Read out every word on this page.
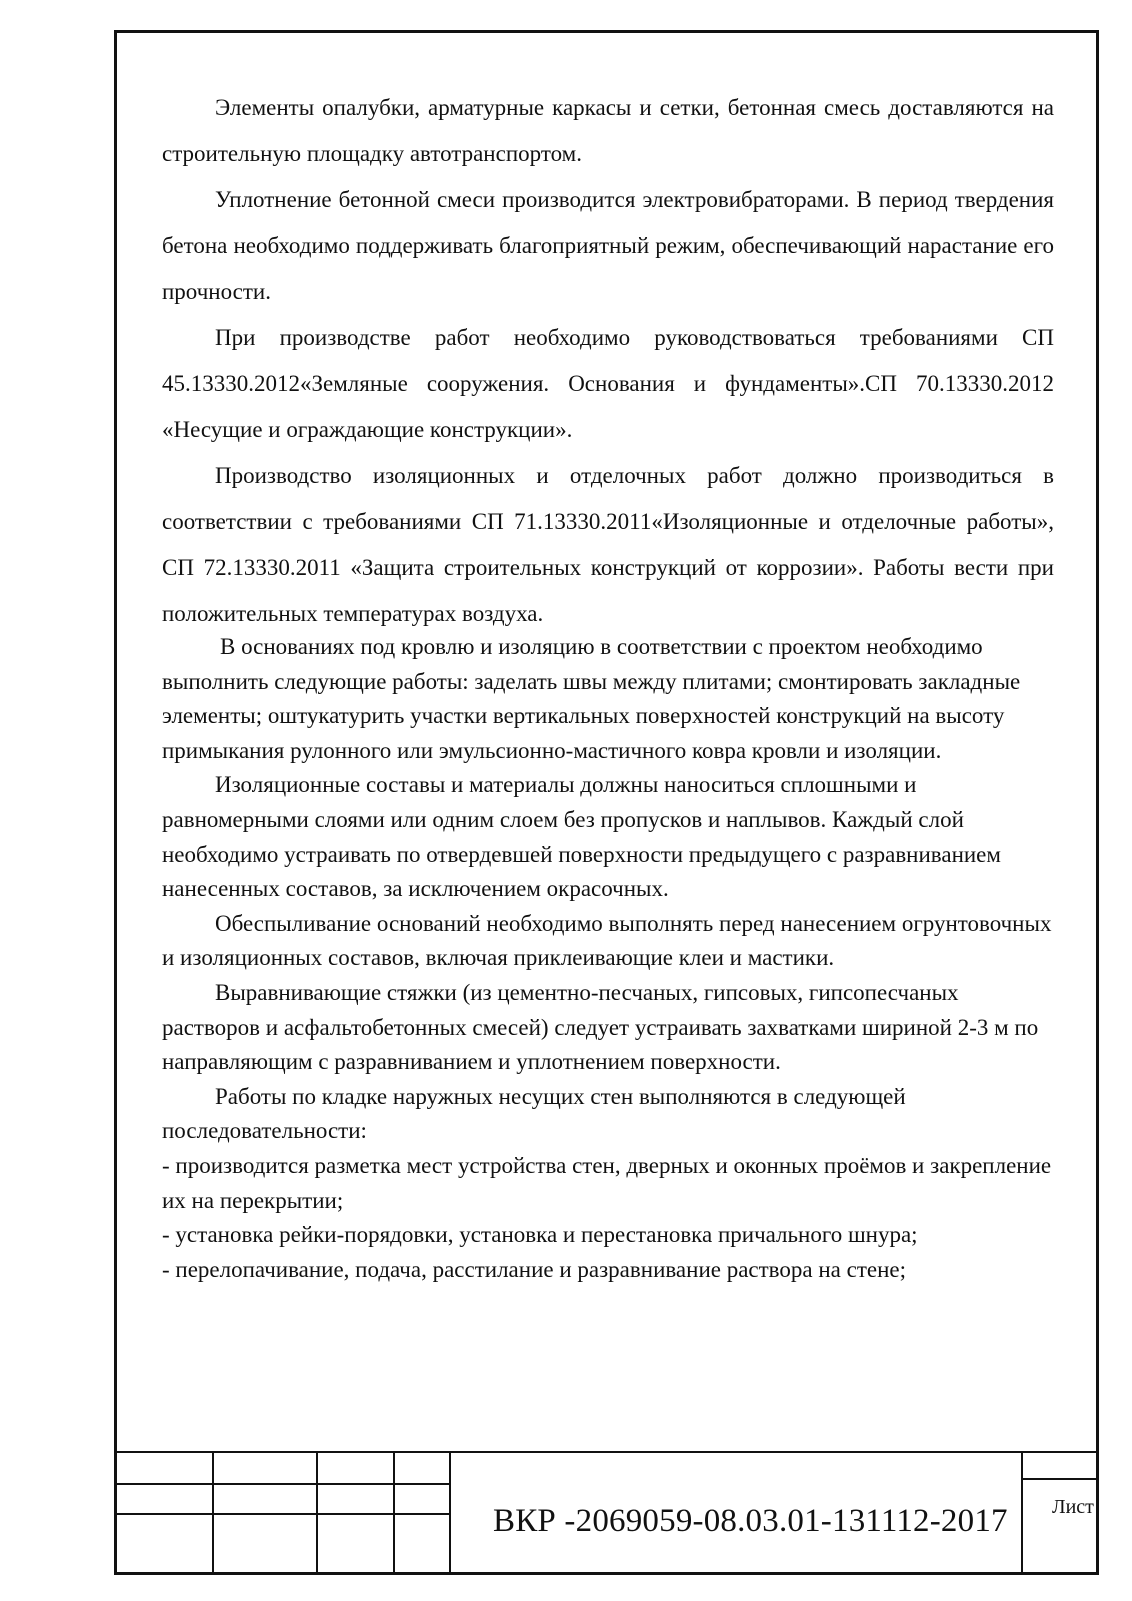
Элементы опалубки, арматурные каркасы и сетки, бетонная смесь доставляются на строительную площадку автотранспортом.

Уплотнение бетонной смеси производится электровибраторами. В период твердения бетона необходимо поддерживать благоприятный режим, обеспечивающий нарастание его прочности.

При производстве работ необходимо руководствоваться требованиями СП 45.13330.2012«Земляные сооружения. Основания и фундаменты».СП 70.13330.2012 «Несущие и ограждающие конструкции».

Производство изоляционных и отделочных работ должно производиться в соответствии с требованиями СП 71.13330.2011«Изоляционные и отделочные работы», СП 72.13330.2011 «Защита строительных конструкций от коррозии». Работы вести при положительных температурах воздуха.

В основаниях под кровлю и изоляцию в соответствии с проектом необходимо выполнить следующие работы: заделать швы между плитами; смонтировать закладные элементы; оштукатурить участки вертикальных поверхностей конструкций на высоту примыкания рулонного или эмульсионно-мастичного ковра кровли и изоляции.

Изоляционные составы и материалы должны наноситься сплошными и равномерными слоями или одним слоем без пропусков и наплывов. Каждый слой необходимо устраивать по отвердевшей поверхности предыдущего с разравниванием нанесенных составов, за исключением окрасочных.

Обеспыливание оснований необходимо выполнять перед нанесением огрунтовочных и изоляционных составов, включая приклеивающие клеи и мастики.

Выравнивающие стяжки (из цементно-песчаных, гипсовых, гипсопесчаных растворов и асфальтобетонных смесей) следует устраивать захватками шириной 2-3 м по направляющим с разравниванием и уплотнением поверхности.

Работы по кладке наружных несущих стен выполняются в следующей последовательности:

- производится разметка мест устройства стен, дверных и оконных проёмов и закрепление их на перекрытии;

- установка рейки-порядовки, установка и перестановка причального шнура;

- перелопачивание, подача, расстилание и разравнивание раствора на стене;

ВКР -2069059-08.03.01-131112-2017 Лист
